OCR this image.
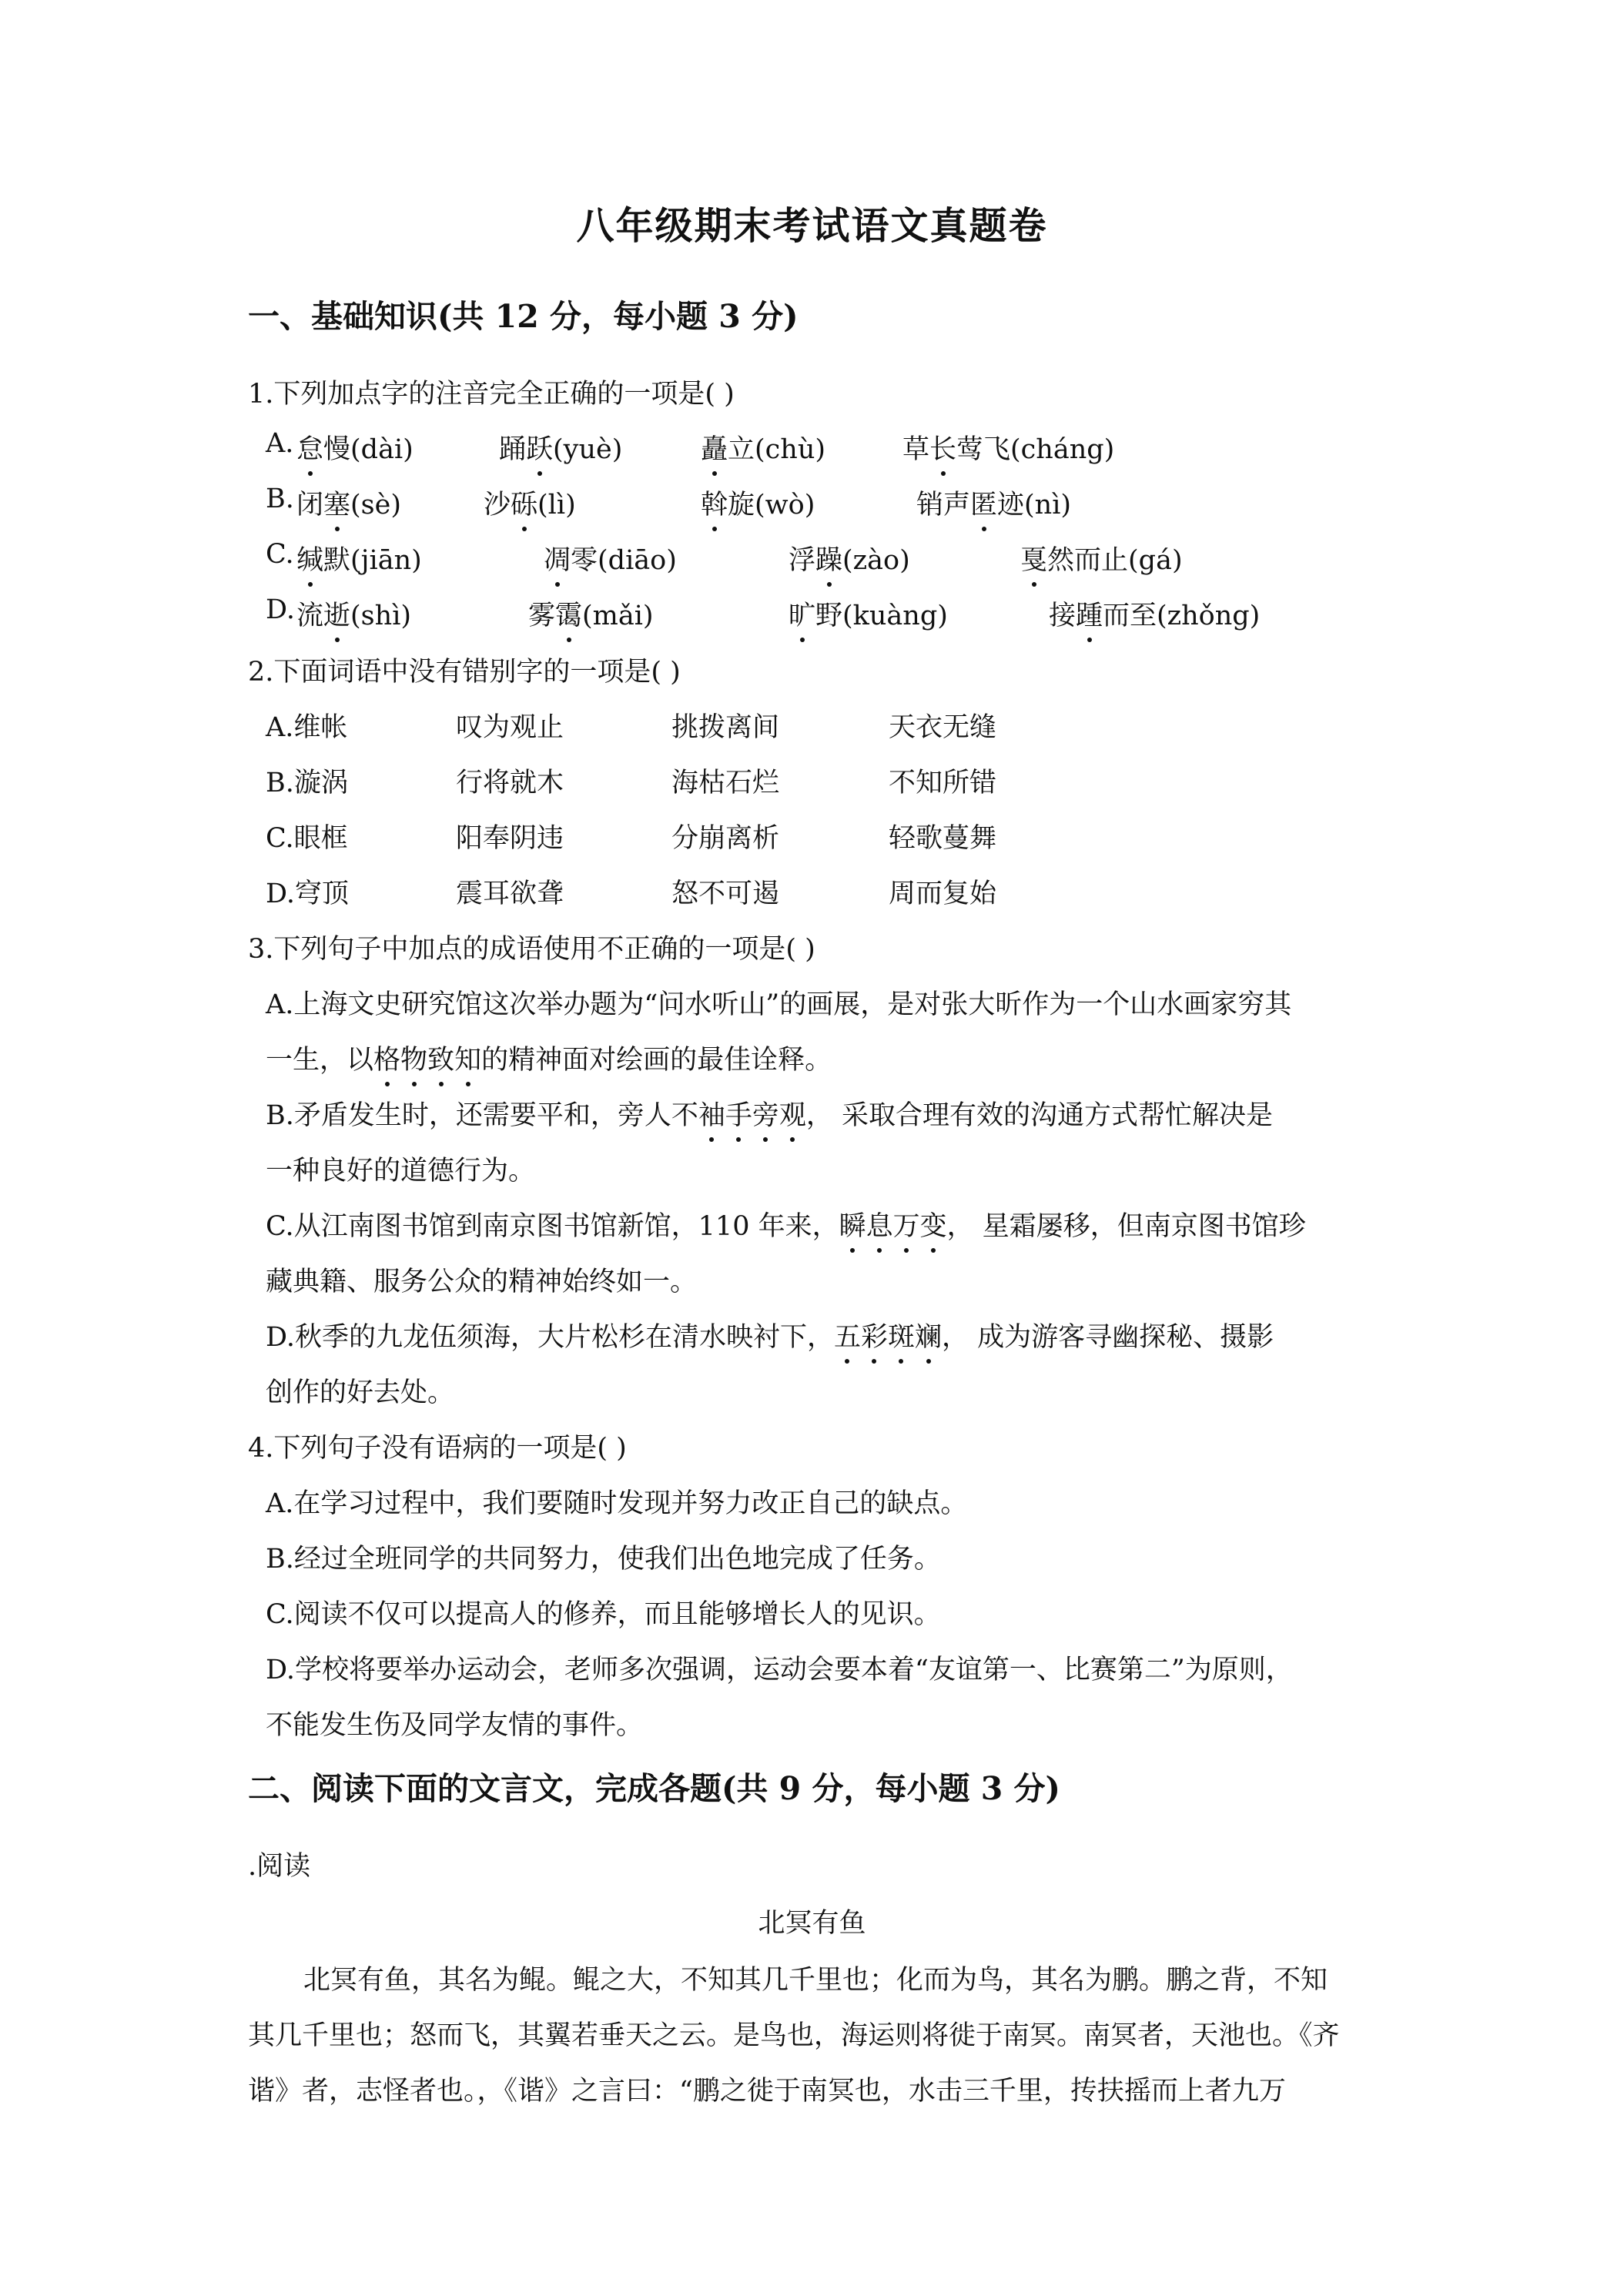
八年级期末考试语文真题卷
一、基础知识(共 12 分，每小题 3 分)
1.下列加点字的注音完全正确的一项是( )
A. 怠慢(dài)	踊跃(yuè)	矗立(chù)	草长莺飞(cháng)
B. 闭塞(sè)	沙砾(lì)	斡旋(wò)	销声匿迹(nì)
C. 缄默(jiān)	凋零(diāo)	浮躁(zào)	戛然而止(gá)
D. 流逝(shì)	雾霭(mǎi)	旷野(kuàng)	接踵而至(zhǒng)
2.下面词语中没有错别字的一项是( )
A.维帐	叹为观止	挑拨离间	天衣无缝
B.漩涡	行将就木	海枯石烂	不知所错
C.眼框	阳奉阴违	分崩离析	轻歌蔓舞
D.穹顶	震耳欲聋	怒不可遏	周而复始
3.下列句子中加点的成语使用不正确的一项是( )
A.上海文史研究馆这次举办题为“问水听山”的画展，是对张大昕作为一个山水画家穷其
一生，以格物致知的精神面对绘画的最佳诠释。
B.矛盾发生时，还需要平和，旁人不袖手旁观， 采取合理有效的沟通方式帮忙解决是
一种良好的道德行为。
C.从江南图书馆到南京图书馆新馆，110 年来，瞬息万变， 星霜屡移，但南京图书馆珍
藏典籍、服务公众的精神始终如一。
D.秋季的九龙伍须海，大片松杉在清水映衬下，五彩斑斓， 成为游客寻幽探秘、摄影
创作的好去处。
4.下列句子没有语病的一项是( )
A.在学习过程中，我们要随时发现并努力改正自己的缺点。
B.经过全班同学的共同努力，使我们出色地完成了任务。
C.阅读不仅可以提高人的修养，而且能够增长人的见识。
D.学校将要举办运动会，老师多次强调，运动会要本着“友谊第一、比赛第二”为原则，
不能发生伤及同学友情的事件。
二、阅读下面的文言文，完成各题(共 9 分，每小题 3 分)
.阅读
北冥有鱼
北冥有鱼，其名为鲲。鲲之大，不知其几千里也；化而为鸟，其名为鹏。鹏之背，不知
其几千里也；怒而飞，其翼若垂天之云。是鸟也，海运则将徙于南冥。南冥者，天池也。《齐
谐》者，志怪者也。，《谐》之言曰：“鹏之徙于南冥也，水击三千里，抟扶摇而上者九万
